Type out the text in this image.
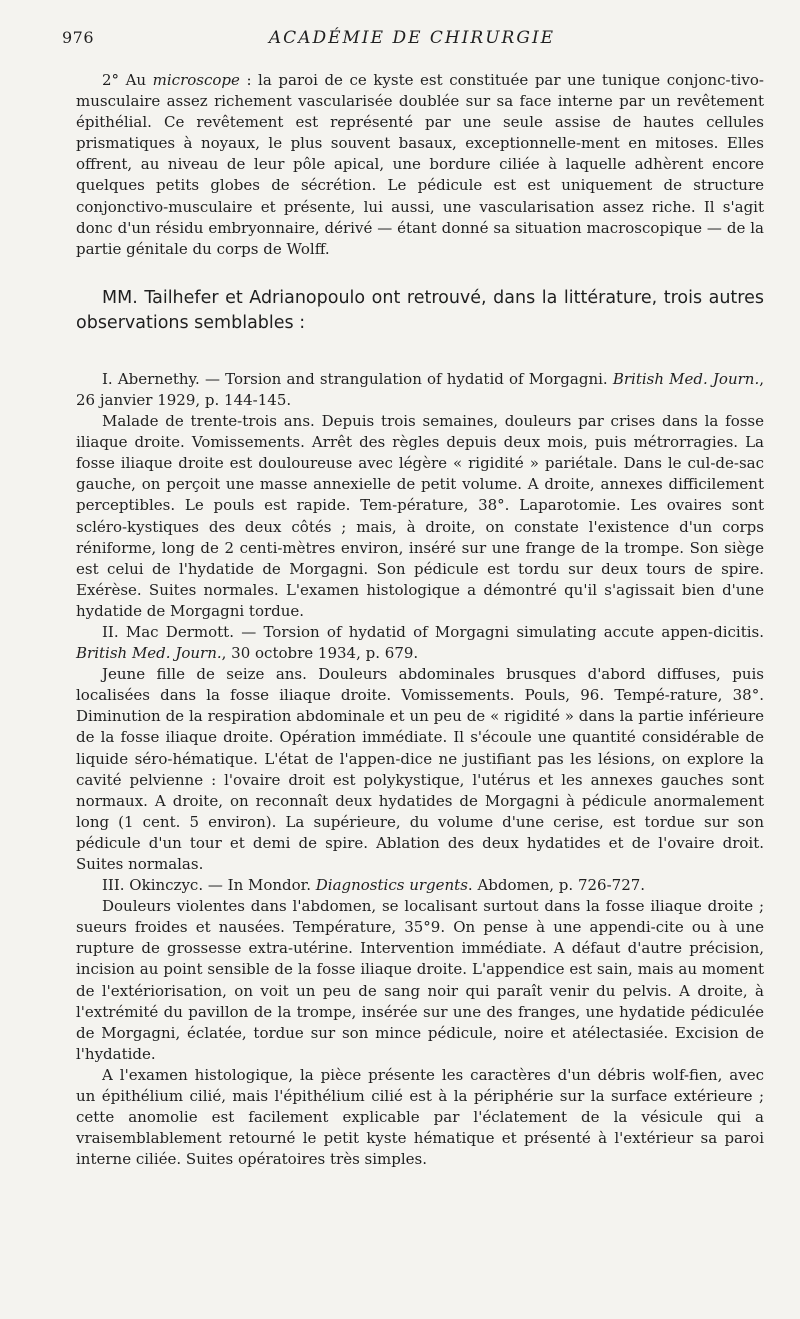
976	ACADÉMIE DE CHIRURGIE

2° Au microscope : la paroi de ce kyste est constituée par une tunique conjonc-tivo-musculaire assez richement vascularisée doublée sur sa face interne par un revêtement épithélial. Ce revêtement est représenté par une seule assise de hautes cellules prismatiques à noyaux, le plus souvent basaux, exceptionnelle-ment en mitoses. Elles offrent, au niveau de leur pôle apical, une bordure ciliée à laquelle adhèrent encore quelques petits globes de sécrétion. Le pédicule est est uniquement de structure conjonctivo-musculaire et présente, lui aussi, une vascularisation assez riche. Il s'agit donc d'un résidu embryonnaire, dérivé — étant donné sa situation macroscopique — de la partie génitale du corps de Wolff.

MM. Tailhefer et Adrianopoulo ont retrouvé, dans la littérature, trois autres observations semblables :

I. Abernethy. — Torsion and strangulation of hydatid of Morgagni. British Med. Journ., 26 janvier 1929, p. 144-145.

Malade de trente-trois ans. Depuis trois semaines, douleurs par crises dans la fosse iliaque droite. Vomissements. Arrêt des règles depuis deux mois, puis métrorragies. La fosse iliaque droite est douloureuse avec légère « rigidité » pariétale. Dans le cul-de-sac gauche, on perçoit une masse annexielle de petit volume. A droite, annexes difficilement perceptibles. Le pouls est rapide. Tem-pérature, 38°. Laparotomie. Les ovaires sont scléro-kystiques des deux côtés ; mais, à droite, on constate l'existence d'un corps réniforme, long de 2 centi-mètres environ, inséré sur une frange de la trompe. Son siège est celui de l'hydatide de Morgagni. Son pédicule est tordu sur deux tours de spire. Exérèse. Suites normales. L'examen histologique a démontré qu'il s'agissait bien d'une hydatide de Morgagni tordue.

II. Mac Dermott. — Torsion of hydatid of Morgagni simulating accute appen-dicitis. British Med. Journ., 30 octobre 1934, p. 679.

Jeune fille de seize ans. Douleurs abdominales brusques d'abord diffuses, puis localisées dans la fosse iliaque droite. Vomissements. Pouls, 96. Tempé-rature, 38°. Diminution de la respiration abdominale et un peu de « rigidité » dans la partie inférieure de la fosse iliaque droite. Opération immédiate. Il s'écoule une quantité considérable de liquide séro-hématique. L'état de l'appen-dice ne justifiant pas les lésions, on explore la cavité pelvienne : l'ovaire droit est polykystique, l'utérus et les annexes gauches sont normaux. A droite, on reconnaît deux hydatides de Morgagni à pédicule anormalement long (1 cent. 5 environ). La supérieure, du volume d'une cerise, est tordue sur son pédicule d'un tour et demi de spire. Ablation des deux hydatides et de l'ovaire droit. Suites normalas.

III. Okinczyc. — In Mondor. Diagnostics urgents. Abdomen, p. 726-727.

Douleurs violentes dans l'abdomen, se localisant surtout dans la fosse iliaque droite ; sueurs froides et nausées. Température, 35°9. On pense à une appendi-cite ou à une rupture de grossesse extra-utérine. Intervention immédiate. A défaut d'autre précision, incision au point sensible de la fosse iliaque droite. L'appendice est sain, mais au moment de l'extériorisation, on voit un peu de sang noir qui paraît venir du pelvis. A droite, à l'extrémité du pavillon de la trompe, insérée sur une des franges, une hydatide pédiculée de Morgagni, éclatée, tordue sur son mince pédicule, noire et atélectasiée. Excision de l'hydatide.

A l'examen histologique, la pièce présente les caractères d'un débris wolf-fien, avec un épithélium cilié, mais l'épithélium cilié est à la périphérie sur la surface extérieure ; cette anomolie est facilement explicable par l'éclatement de la vésicule qui a vraisemblablement retourné le petit kyste hématique et présenté à l'extérieur sa paroi interne ciliée. Suites opératoires très simples.
